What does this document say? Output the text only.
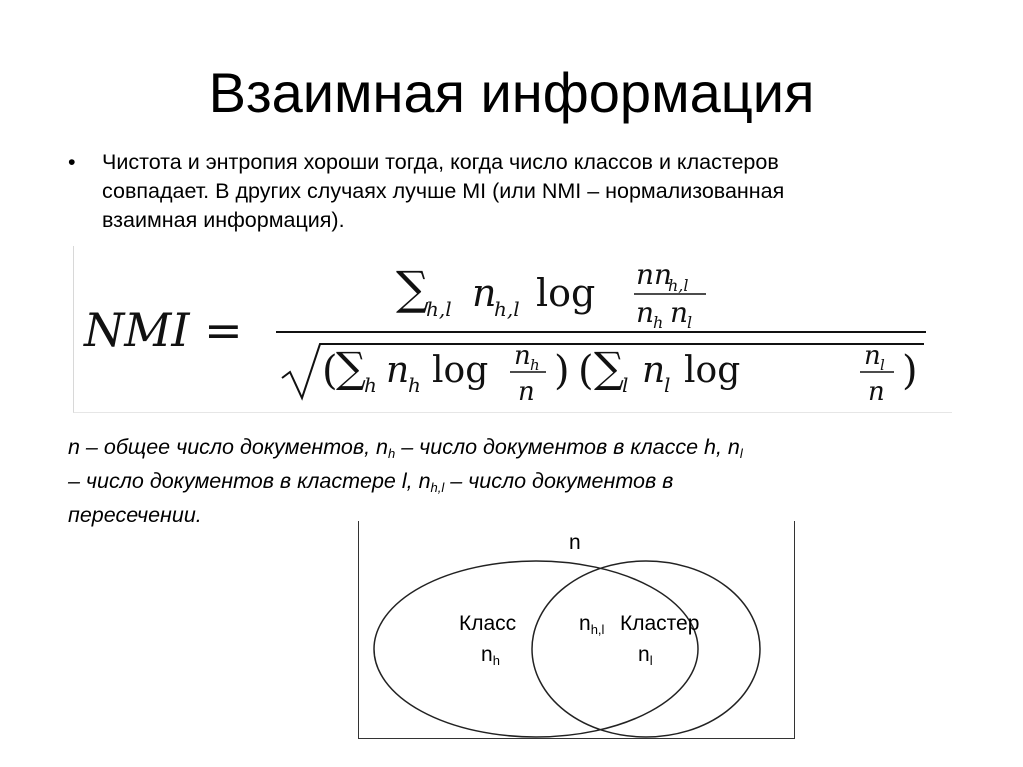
Взаимная информация
• Чистота и энтропия хороши тогда, когда число классов и кластеров
совпадает. В других случаях лучше MI (или NMI – нормализованная
взаимная информация).
NMI =
∑
h,l n
h,l log nn
h,l
n
h n
l
(
∑
h n
h log n h
n ) ( ∑
l n
l log	n l
n )
n – общее число документов, $n_h$ – число документов в классе h, $n_l$
– число документов в кластере l, $n_{h,l}$ – число документов в
пересечении.
n
Класс
$n_h$
$n_{h,l}$ Кластер
$n_l$
